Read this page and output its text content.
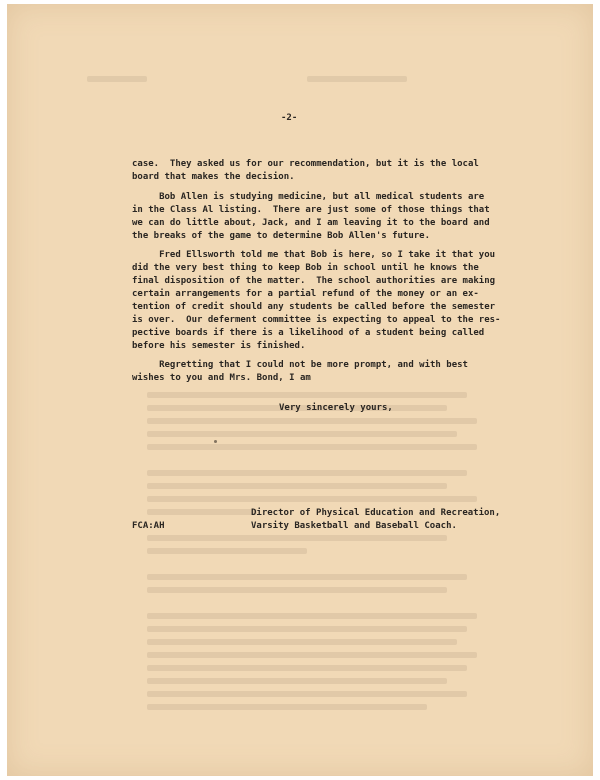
-2-
case.  They asked us for our recommendation, but it is the local
board that makes the decision.
Bob Allen is studying medicine, but all medical students are
in the Class Al listing.  There are just some of those things that
we can do little about, Jack, and I am leaving it to the board and
the breaks of the game to determine Bob Allen's future.
Fred Ellsworth told me that Bob is here, so I take it that you
did the very best thing to keep Bob in school until he knows the
final disposition of the matter.  The school authorities are making
certain arrangements for a partial refund of the money or an ex-
tention of credit should any students be called before the semester
is over.  Our deferment committee is expecting to appeal to the res-
pective boards if there is a likelihood of a student being called
before his semester is finished.
Regretting that I could not be more prompt, and with best
wishes to you and Mrs. Bond, I am
Very sincerely yours,
Director of Physical Education and Recreation,
Varsity Basketball and Baseball Coach.
FCA:AH
